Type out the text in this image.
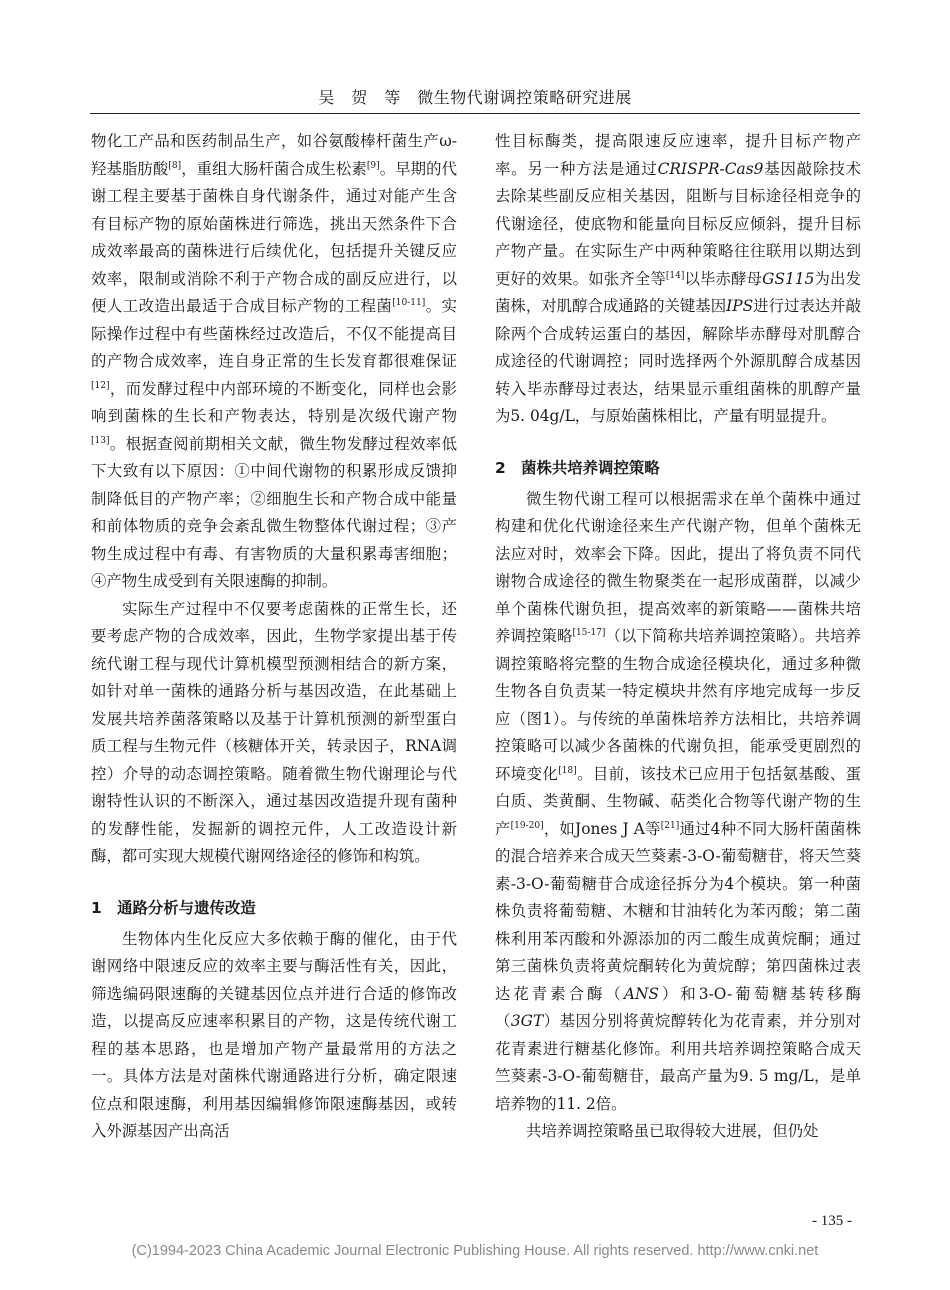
吴　贺　等　微生物代谢调控策略研究进展

物化工产品和医药制品生产，如谷氨酸棒杆菌生产ω-羟基脂肪酸[8]，重组大肠杆菌合成生松素[9]。早期的代谢工程主要基于菌株自身代谢条件，通过对能产生含有目标产物的原始菌株进行筛选，挑出天然条件下合成效率最高的菌株进行后续优化，包括提升关键反应效率，限制或消除不利于产物合成的副反应进行，以便人工改造出最适于合成目标产物的工程菌[10-11]。实际操作过程中有些菌株经过改造后，不仅不能提高目的产物合成效率，连自身正常的生长发育都很难保证[12]，而发酵过程中内部环境的不断变化，同样也会影响到菌株的生长和产物表达，特别是次级代谢产物[13]。根据查阅前期相关文献，微生物发酵过程效率低下大致有以下原因：①中间代谢物的积累形成反馈抑制降低目的产物产率；②细胞生长和产物合成中能量和前体物质的竞争会紊乱微生物整体代谢过程；③产物生成过程中有毒、有害物质的大量积累毒害细胞；④产物生成受到有关限速酶的抑制。

实际生产过程中不仅要考虑菌株的正常生长，还要考虑产物的合成效率，因此，生物学家提出基于传统代谢工程与现代计算机模型预测相结合的新方案，如针对单一菌株的通路分析与基因改造，在此基础上发展共培养菌落策略以及基于计算机预测的新型蛋白质工程与生物元件（核糖体开关，转录因子，RNA调控）介导的动态调控策略。随着微生物代谢理论与代谢特性认识的不断深入，通过基因改造提升现有菌种的发酵性能，发掘新的调控元件，人工改造设计新酶，都可实现大规模代谢网络途径的修饰和构筑。

1　通路分析与遗传改造

生物体内生化反应大多依赖于酶的催化，由于代谢网络中限速反应的效率主要与酶活性有关，因此，筛选编码限速酶的关键基因位点并进行合适的修饰改造，以提高反应速率积累目的产物，这是传统代谢工程的基本思路，也是增加产物产量最常用的方法之一。具体方法是对菌株代谢通路进行分析，确定限速位点和限速酶，利用基因编辑修饰限速酶基因，或转入外源基因产出高活

性目标酶类，提高限速反应速率，提升目标产物产率。另一种方法是通过CRISPR-Cas9基因敲除技术去除某些副反应相关基因，阻断与目标途径相竞争的代谢途径，使底物和能量向目标反应倾斜，提升目标产物产量。在实际生产中两种策略往往联用以期达到更好的效果。如张齐全等[14]以毕赤酵母GS115为出发菌株，对肌醇合成通路的关键基因IPS进行过表达并敲除两个合成转运蛋白的基因，解除毕赤酵母对肌醇合成途径的代谢调控；同时选择两个外源肌醇合成基因转入毕赤酵母过表达，结果显示重组菌株的肌醇产量为5. 04g/L，与原始菌株相比，产量有明显提升。

2　菌株共培养调控策略

微生物代谢工程可以根据需求在单个菌株中通过构建和优化代谢途径来生产代谢产物，但单个菌株无法应对时，效率会下降。因此，提出了将负责不同代谢物合成途径的微生物聚类在一起形成菌群，以减少单个菌株代谢负担，提高效率的新策略——菌株共培养调控策略[15-17]（以下简称共培养调控策略）。共培养调控策略将完整的生物合成途径模块化，通过多种微生物各自负责某一特定模块井然有序地完成每一步反应（图1）。与传统的单菌株培养方法相比，共培养调控策略可以减少各菌株的代谢负担，能承受更剧烈的环境变化[18]。目前，该技术已应用于包括氨基酸、蛋白质、类黄酮、生物碱、萜类化合物等代谢产物的生产[19-20]，如Jones J A等[21]通过4种不同大肠杆菌菌株的混合培养来合成天竺葵素-3-O-葡萄糖苷，将天竺葵素-3-O-葡萄糖苷合成途径拆分为4个模块。第一种菌株负责将葡萄糖、木糖和甘油转化为苯丙酸；第二菌株利用苯丙酸和外源添加的丙二酸生成黄烷酮；通过第三菌株负责将黄烷酮转化为黄烷醇；第四菌株过表达花青素合酶（ANS）和3-O-葡萄糖基转移酶（3GT）基因分别将黄烷醇转化为花青素，并分别对花青素进行糖基化修饰。利用共培养调控策略合成天竺葵素-3-O-葡萄糖苷，最高产量为9. 5 mg/L，是单培养物的11. 2倍。

共培养调控策略虽已取得较大进展，但仍处

- 135 -
(C)1994-2023 China Academic Journal Electronic Publishing House. All rights reserved. http://www.cnki.net
